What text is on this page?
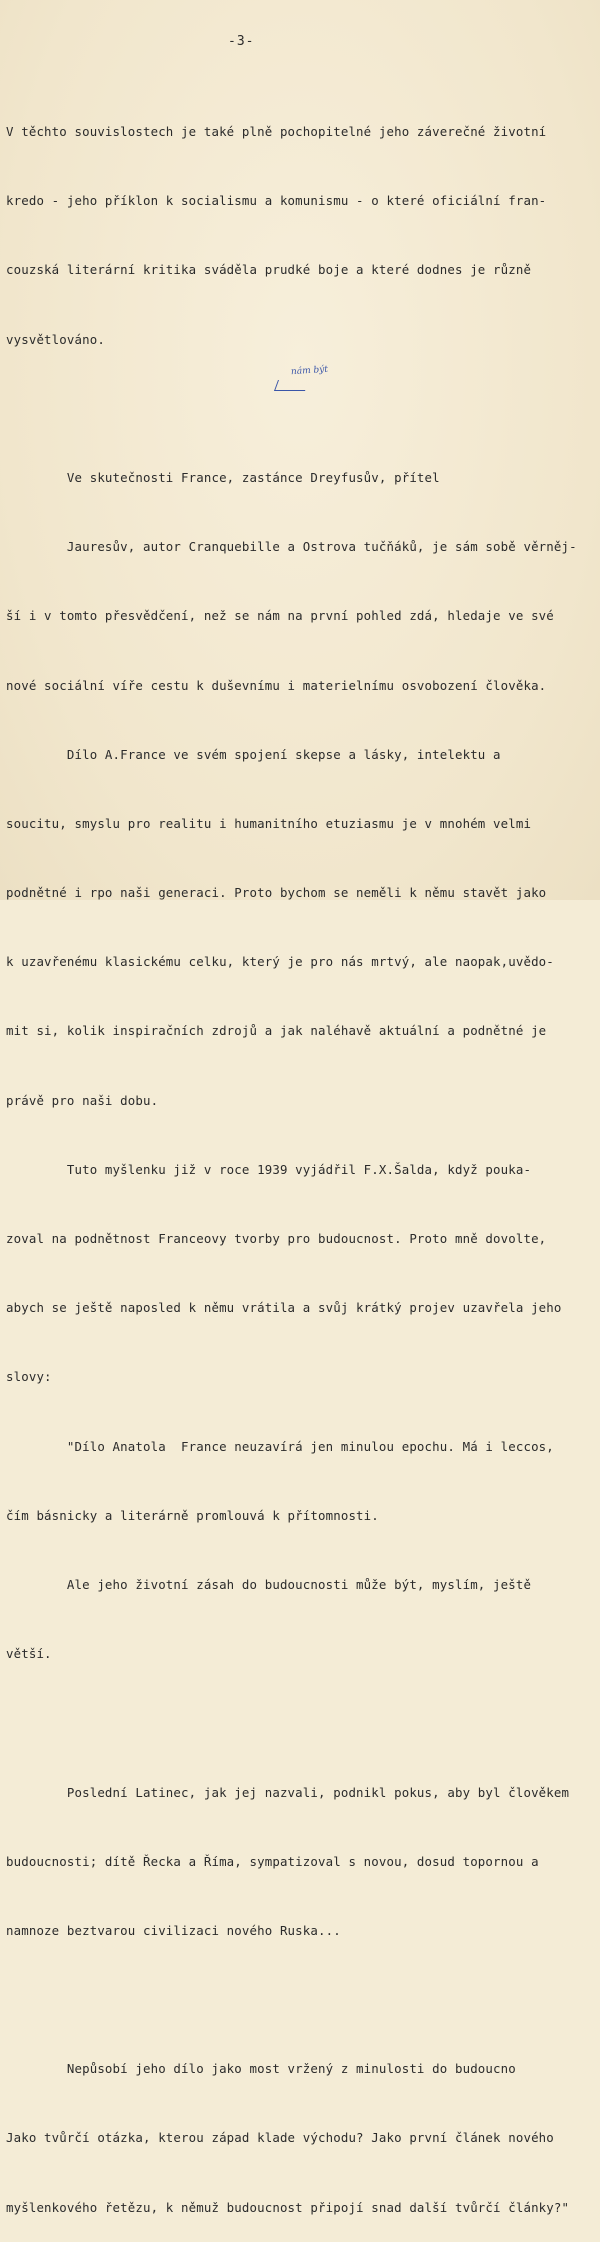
-3-

V těchto souvislostech je také plně pochopitelné jeho záverečné životní

kredo - jeho příklon k socialismu a komunismu - o které oficiální fran-

couzská literární kritika sváděla prudké boje a které dodnes je různě

vysvětlováno.

Ve skutečnosti France, zastánce Dreyfusův, přítel

Jauresův, autor Cranquebille a Ostrova tučňáků, je sám sobě věrněj-

ší i v tomto přesvědčení, než se nám na první pohled zdá, hledaje ve své

nové sociální víře cestu k duševnímu i materielnímu osvobození člověka.

Dílo A.France ve svém spojení skepse a lásky, intelektu a

soucitu, smyslu pro realitu i humanitního etuziasmu je v mnohém velmi

podnětné i rpo naši generaci. Proto bychom se neměli k němu stavět jako

k uzavřenému klasickému celku, který je pro nás mrtvý, ale naopak,uvědo-

mit si, kolik inspiračních zdrojů a jak naléhavě aktuální a podnětné je

právě pro naši dobu.

Tuto myšlenku již v roce 1939 vyjádřil F.X.Šalda, když pouka-

zoval na podnětnost Franceovy tvorby pro budoucnost. Proto mně dovolte,

abych se ještě naposled k němu vrátila a svůj krátký projev uzavřela jeho

slovy:

"Dílo Anatola  France neuzavírá jen minulou epochu. Má i leccos,

čím básnicky a literárně promlouvá k přítomnosti.

Ale jeho životní zásah do budoucnosti může být, myslím, ještě

větší.

Poslední Latinec, jak jej nazvali, podnikl pokus, aby byl člověkem

budoucnosti; dítě Řecka a Říma, sympatizoval s novou, dosud topornou a

namnoze beztvarou civilizaci nového Ruska...

Nepůsobí jeho dílo jako most vržený z minulosti do budoucno

Jako tvůrčí otázka, kterou západ klade východu? Jako první článek nového

myšlenkového řetězu, k němuž budoucnost připojí snad další tvůrčí články?"

nám být
